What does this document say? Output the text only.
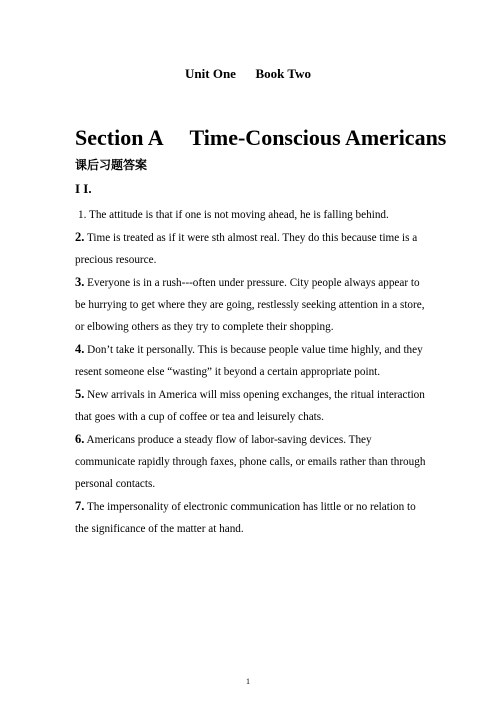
Unit One      Book Two
Section A     Time-Conscious Americans
课后习题答案
I I.

1. The attitude is that if one is not moving ahead, he is falling behind.

2. Time is treated as if it were sth almost real. They do this because time is a precious resource.

3. Everyone is in a rush---often under pressure. City people always appear to be hurrying to get where they are going, restlessly seeking attention in a store, or elbowing others as they try to complete their shopping.

4. Don’t take it personally. This is because people value time highly, and they resent someone else “wasting” it beyond a certain appropriate point.

5. New arrivals in America will miss opening exchanges, the ritual interaction that goes with a cup of coffee or tea and leisurely chats.

6. Americans produce a steady flow of labor-saving devices. They communicate rapidly through faxes, phone calls, or emails rather than through personal contacts.

7. The impersonality of electronic communication has little or no relation to the significance of the matter at hand.

1
